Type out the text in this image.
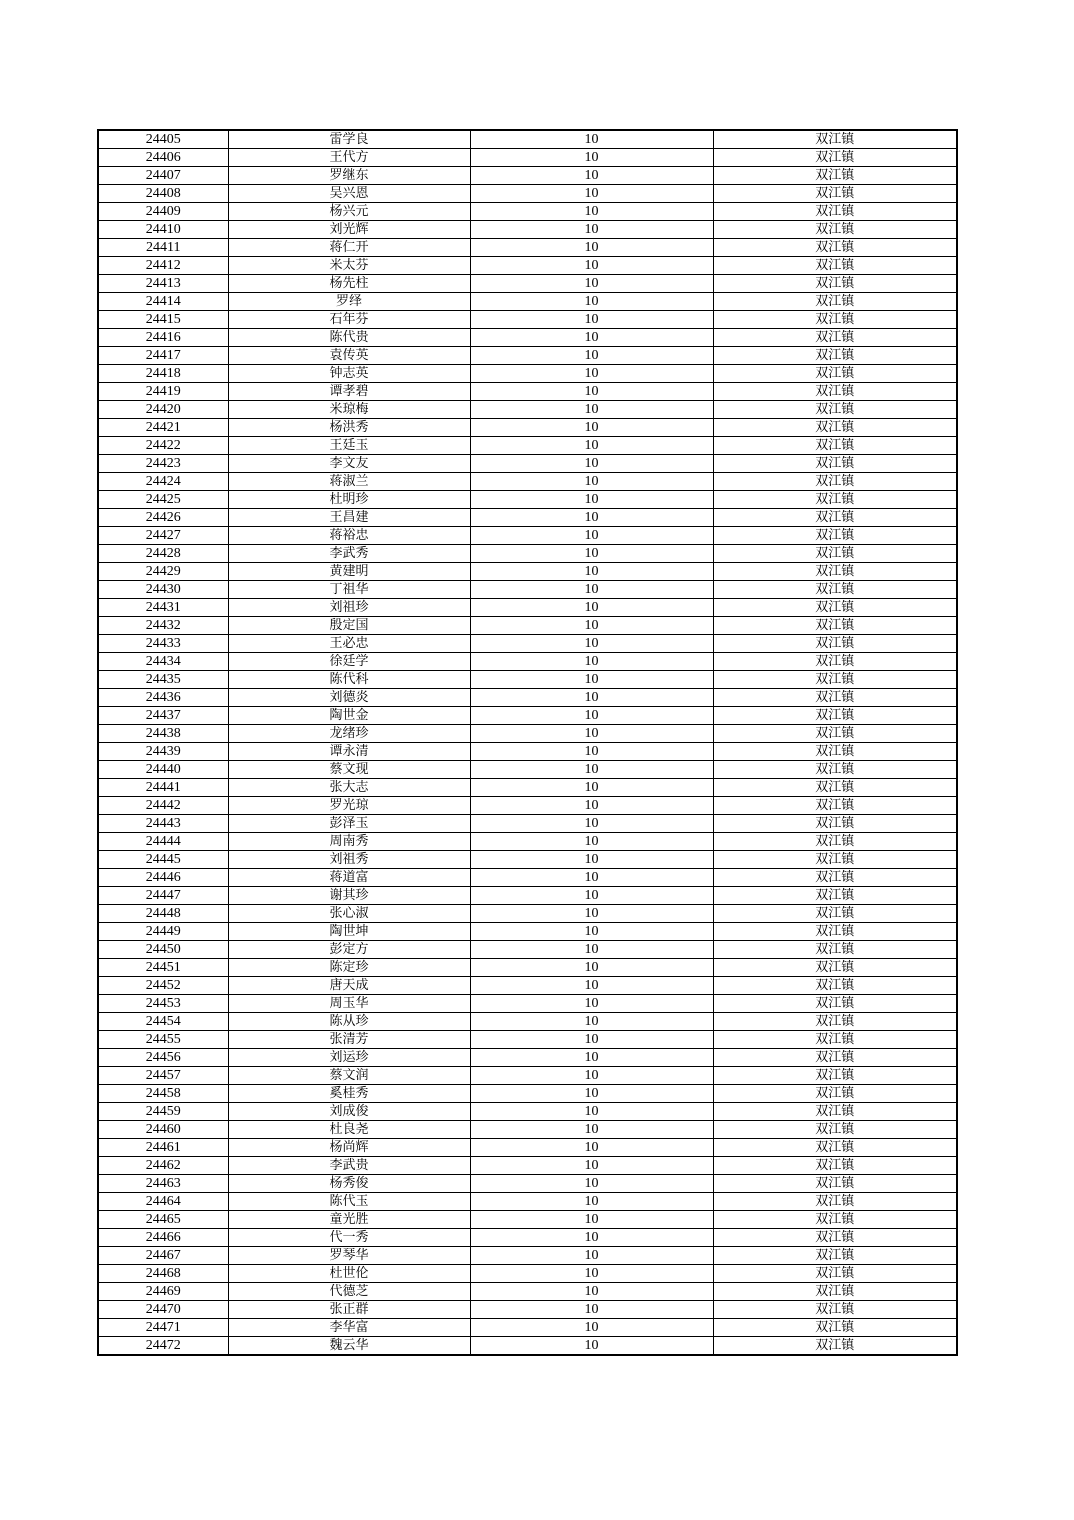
24405	雷学良	10	双江镇
24406	王代方	10	双江镇
24407	罗继东	10	双江镇
24408	吴兴恩	10	双江镇
24409	杨兴元	10	双江镇
24410	刘光辉	10	双江镇
24411	蒋仁开	10	双江镇
24412	米太芬	10	双江镇
24413	杨先柱	10	双江镇
24414	罗绎	10	双江镇
24415	石年芬	10	双江镇
24416	陈代贵	10	双江镇
24417	袁传英	10	双江镇
24418	钟志英	10	双江镇
24419	谭孝碧	10	双江镇
24420	米琼梅	10	双江镇
24421	杨洪秀	10	双江镇
24422	王廷玉	10	双江镇
24423	李文友	10	双江镇
24424	蒋淑兰	10	双江镇
24425	杜明珍	10	双江镇
24426	王昌建	10	双江镇
24427	蒋裕忠	10	双江镇
24428	李武秀	10	双江镇
24429	黄建明	10	双江镇
24430	丁祖华	10	双江镇
24431	刘祖珍	10	双江镇
24432	殷定国	10	双江镇
24433	王必忠	10	双江镇
24434	徐廷学	10	双江镇
24435	陈代科	10	双江镇
24436	刘德炎	10	双江镇
24437	陶世金	10	双江镇
24438	龙绪珍	10	双江镇
24439	谭永清	10	双江镇
24440	蔡文现	10	双江镇
24441	张大志	10	双江镇
24442	罗光琼	10	双江镇
24443	彭泽玉	10	双江镇
24444	周南秀	10	双江镇
24445	刘祖秀	10	双江镇
24446	蒋道富	10	双江镇
24447	谢其珍	10	双江镇
24448	张心淑	10	双江镇
24449	陶世坤	10	双江镇
24450	彭定方	10	双江镇
24451	陈定珍	10	双江镇
24452	唐天成	10	双江镇
24453	周玉华	10	双江镇
24454	陈从珍	10	双江镇
24455	张清芳	10	双江镇
24456	刘运珍	10	双江镇
24457	蔡文润	10	双江镇
24458	奚桂秀	10	双江镇
24459	刘成俊	10	双江镇
24460	杜良尧	10	双江镇
24461	杨尚辉	10	双江镇
24462	李武贵	10	双江镇
24463	杨秀俊	10	双江镇
24464	陈代玉	10	双江镇
24465	童光胜	10	双江镇
24466	代一秀	10	双江镇
24467	罗琴华	10	双江镇
24468	杜世伦	10	双江镇
24469	代德芝	10	双江镇
24470	张正群	10	双江镇
24471	李华富	10	双江镇
24472	魏云华	10	双江镇
